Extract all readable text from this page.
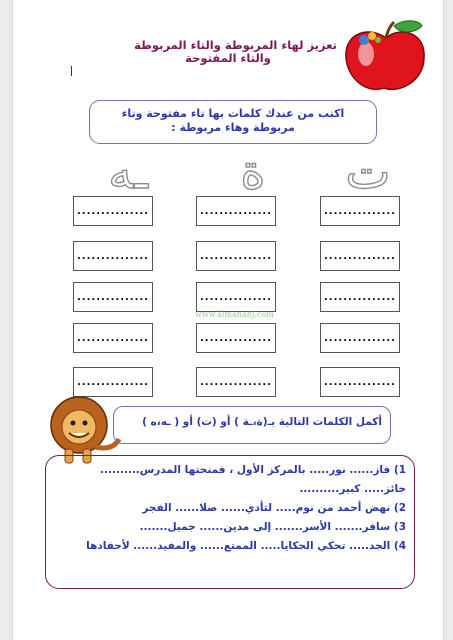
تعزيز لهاء المربوطة والتاء المربوطة
والتاء المفتوحة
اكتب من عندك كلمات بها تاء مفتوحة وتاء مربوطة وهاء مربوطة :
ت
ة
ـه
...............
...............
...............
...............
...............
...............
...............
...............
...............
...............
...............
...............
...............
...............
...............
www.almanahj.com
أكمل الكلمات التالية بـ(ة،ـة ) أو (ت) أو ( ـه،ه )
1) فاز...... نور..... بالمركز الأول ، فمنحتها المدرس..........
جائز..... كبير..........
2) نهض أحمد من نوم..... لتأدي...... صلا...... الفجر
3) سافر....... الأسر....... إلى مدين...... جميل.......
4) الجد..... تحكي الحكايا..... الممتع...... والمفيد...... لأحفادها
